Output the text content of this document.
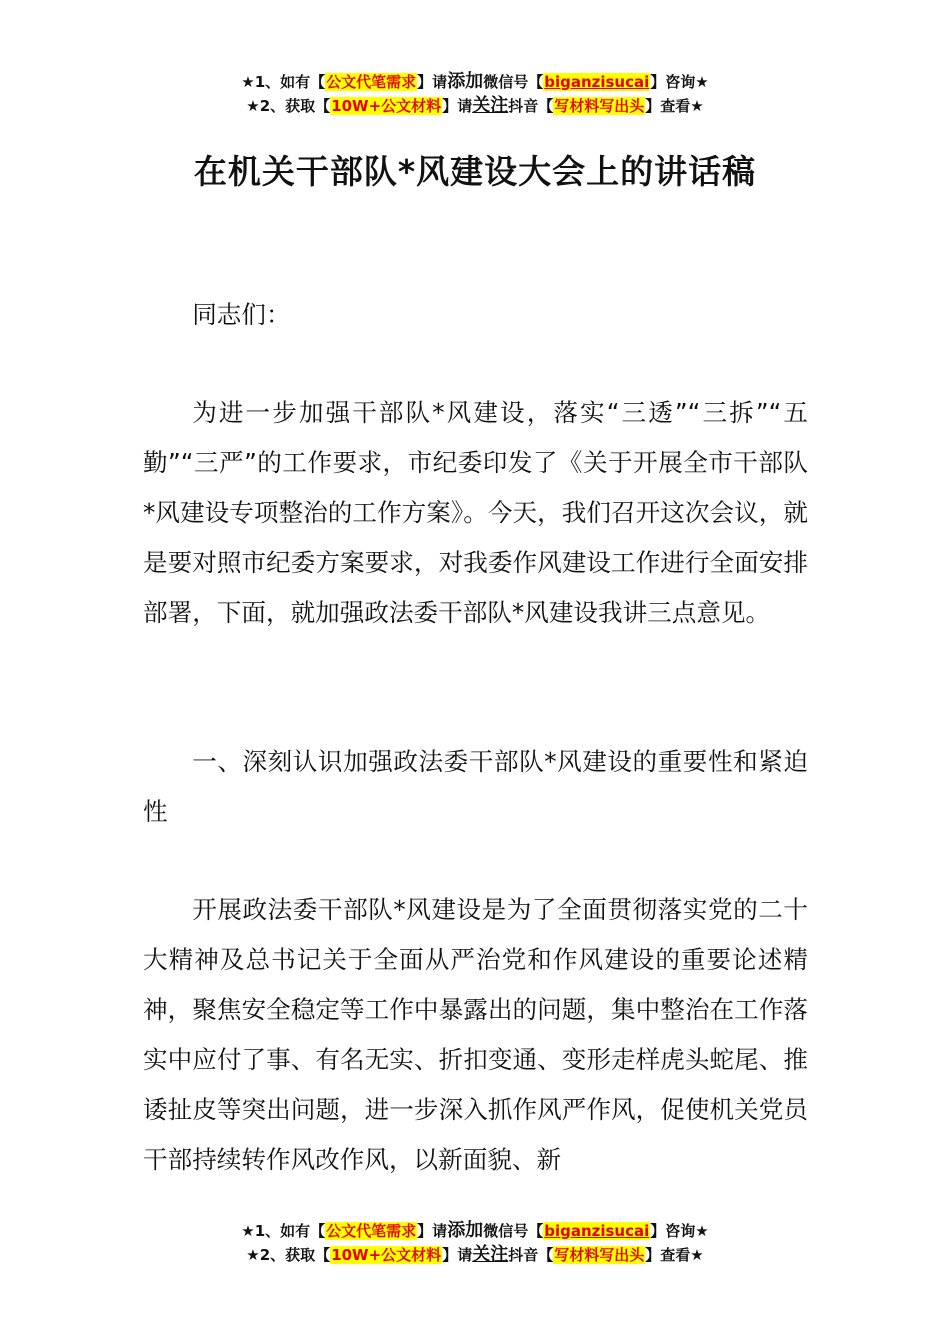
★1、如有【公文代笔需求】请添加微信号【biganzisucai】咨询★
★2、获取【10W+公文材料】请关注抖音【写材料写出头】查看★
在机关干部队*风建设大会上的讲话稿

同志们：

为进一步加强干部队*风建设，落实“三透”“三拆”“五勤”“三严”的工作要求，市纪委印发了《关于开展全市干部队*风建设专项整治的工作方案》。今天，我们召开这次会议，就是要对照市纪委方案要求，对我委作风建设工作进行全面安排部署，下面，就加强政法委干部队*风建设我讲三点意见。

一、深刻认识加强政法委干部队*风建设的重要性和紧迫性

开展政法委干部队*风建设是为了全面贯彻落实党的二十大精神及总书记关于全面从严治党和作风建设的重要论述精神，聚焦安全稳定等工作中暴露出的问题，集中整治在工作落实中应付了事、有名无实、折扣变通、变形走样虎头蛇尾、推诿扯皮等突出问题，进一步深入抓作风严作风，促使机关党员干部持续转作风改作风，以新面貌、新

★1、如有【公文代笔需求】请添加微信号【biganzisucai】咨询★
★2、获取【10W+公文材料】请关注抖音【写材料写出头】查看★
